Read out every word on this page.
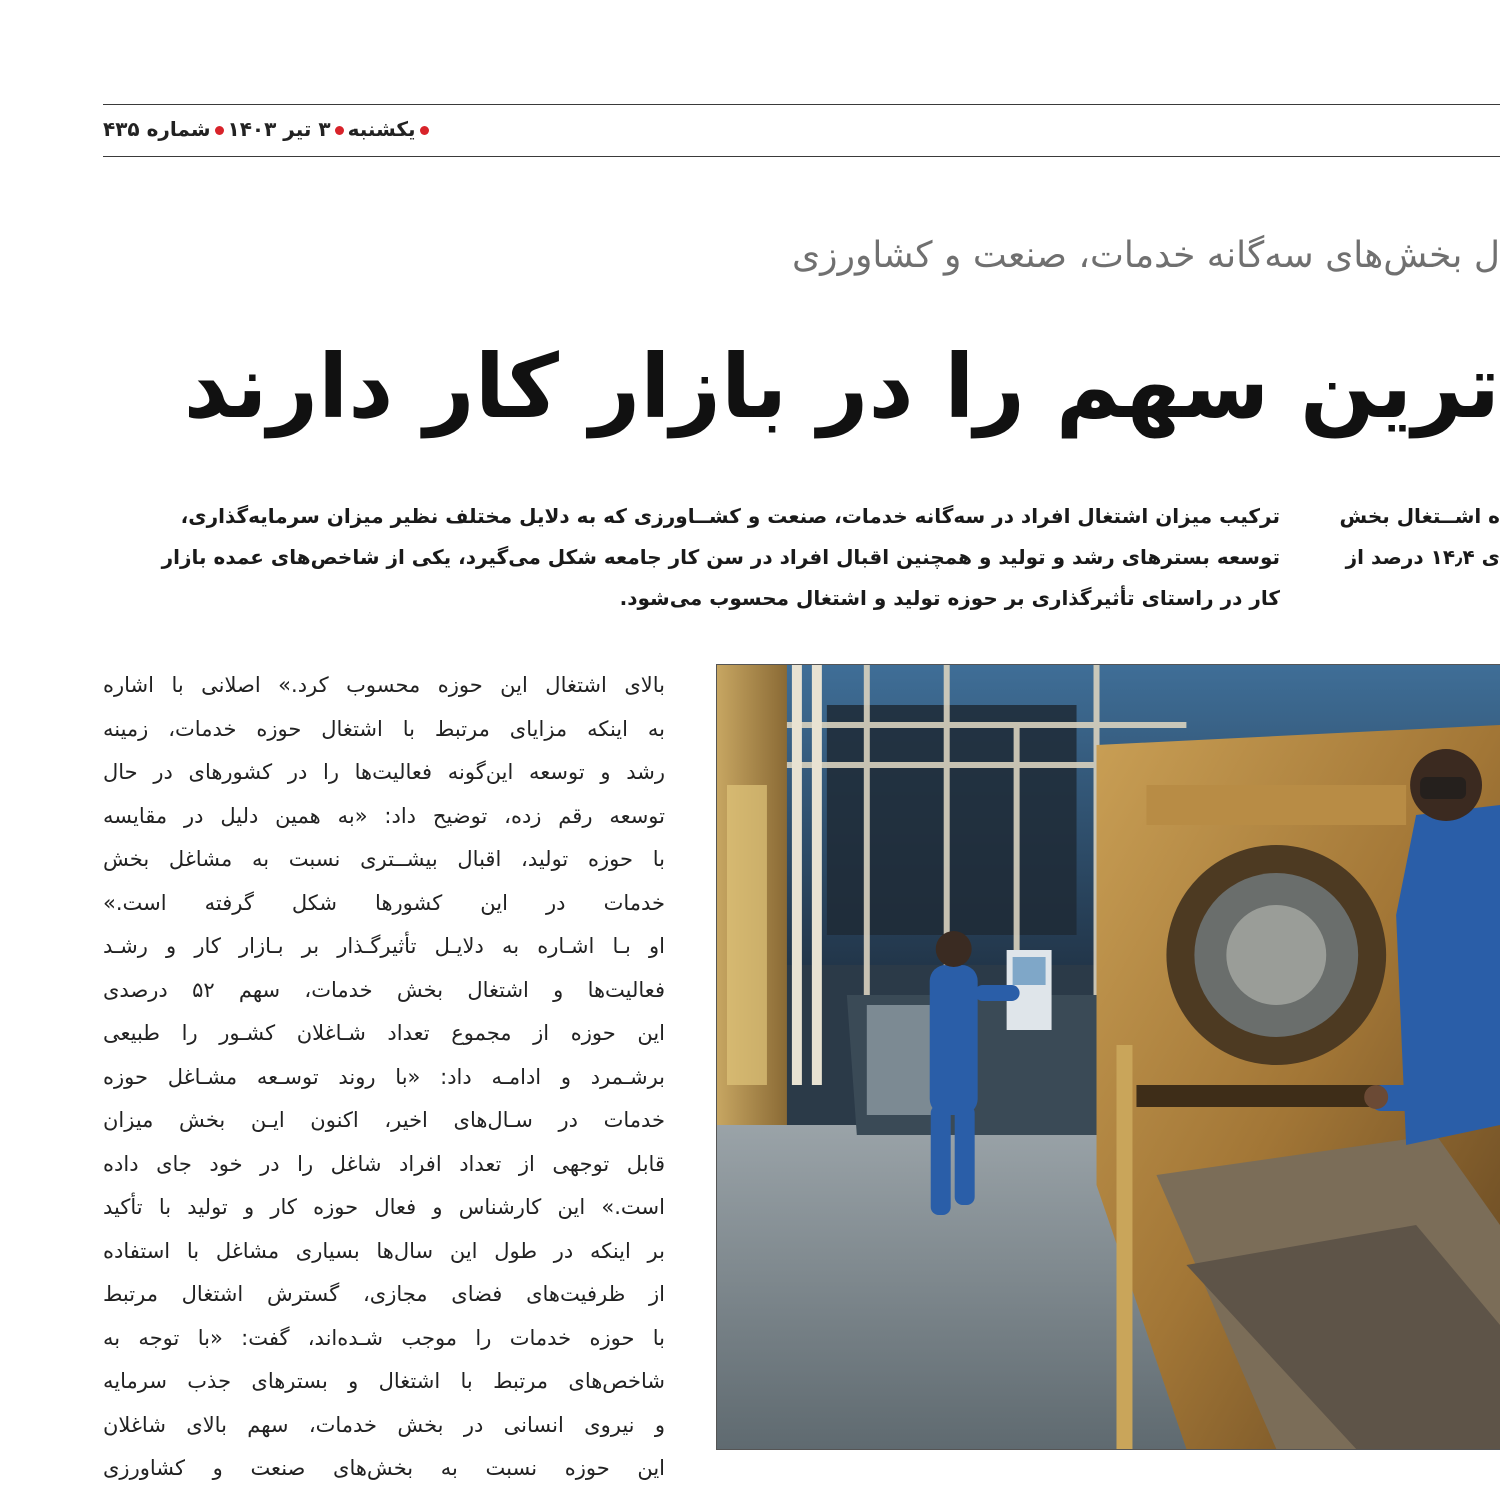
یکشنبه۳ تیر ۱۴۰۳شماره ۴۳۵
ل بخش‌های سه‌گانه خدمات، صنعت و کشاورزی
ترین سهم را در بازار کار دارند
ترکیب میزان اشتغال افراد در سه‌گانه خدمات، صنعت و کشــاورزی که به دلایل مختلف نظیر میزان سرمایه‌گذاری،
توسعه بسترهای رشد و تولید و همچنین اقبال افراد در سن کار جامعه شکل می‌گیرد، یکی از شاخص‌های عمده بازار
کار در راستای تأثیرگذاری بر حوزه تولید و اشتغال محسوب می‌شود.
ه اشــتغال بخش
ی ۱۴٫۴ درصد از
بالای اشتغال این حوزه محسوب کرد.» اصلانی با اشاره
به اینکه مزایای مرتبط با اشتغال حوزه خدمات، زمینه
رشد و توسعه این‌گونه فعالیت‌ها را در کشورهای در حال
توسعه رقم زده، توضیح داد: «به همین دلیل در مقایسه
با حوزه تولید، اقبال بیشــتری نسبت به مشاغل بخش
خدمات در این کشورها شکل گرفته است.»
او بـا اشـاره به دلایـل تأثیرگـذار بر بـازار کار و رشـد
فعالیت‌ها و اشتغال بخش خدمات، سهم ۵۲ درصدی
این حوزه از مجموع تعداد شـاغلان کشـور را طبیعی
برشـمرد و ادامـه داد: «با روند توسـعه مشـاغل حوزه
خدمات در سـال‌های اخیر، اکنون ایـن بخش میزان
قابل توجهی از تعداد افراد شاغل را در خود جای داده
است.» این کارشناس و فعال حوزه کار و تولید با تأکید
بر اینکه در طول این سال‌ها بسیاری مشاغل با استفاده
از ظرفیت‌های فضای مجازی، گسترش اشتغال مرتبط
با حوزه خدمات را موجب شـده‌اند، گفت: «با توجه به
شاخص‌های مرتبط با اشتغال و بسترهای جذب سرمایه
و نیروی انسانی در بخش خدمات، سهم بالای شاغلان
این حوزه نسبت به بخش‌های صنعت و کشاورزی
